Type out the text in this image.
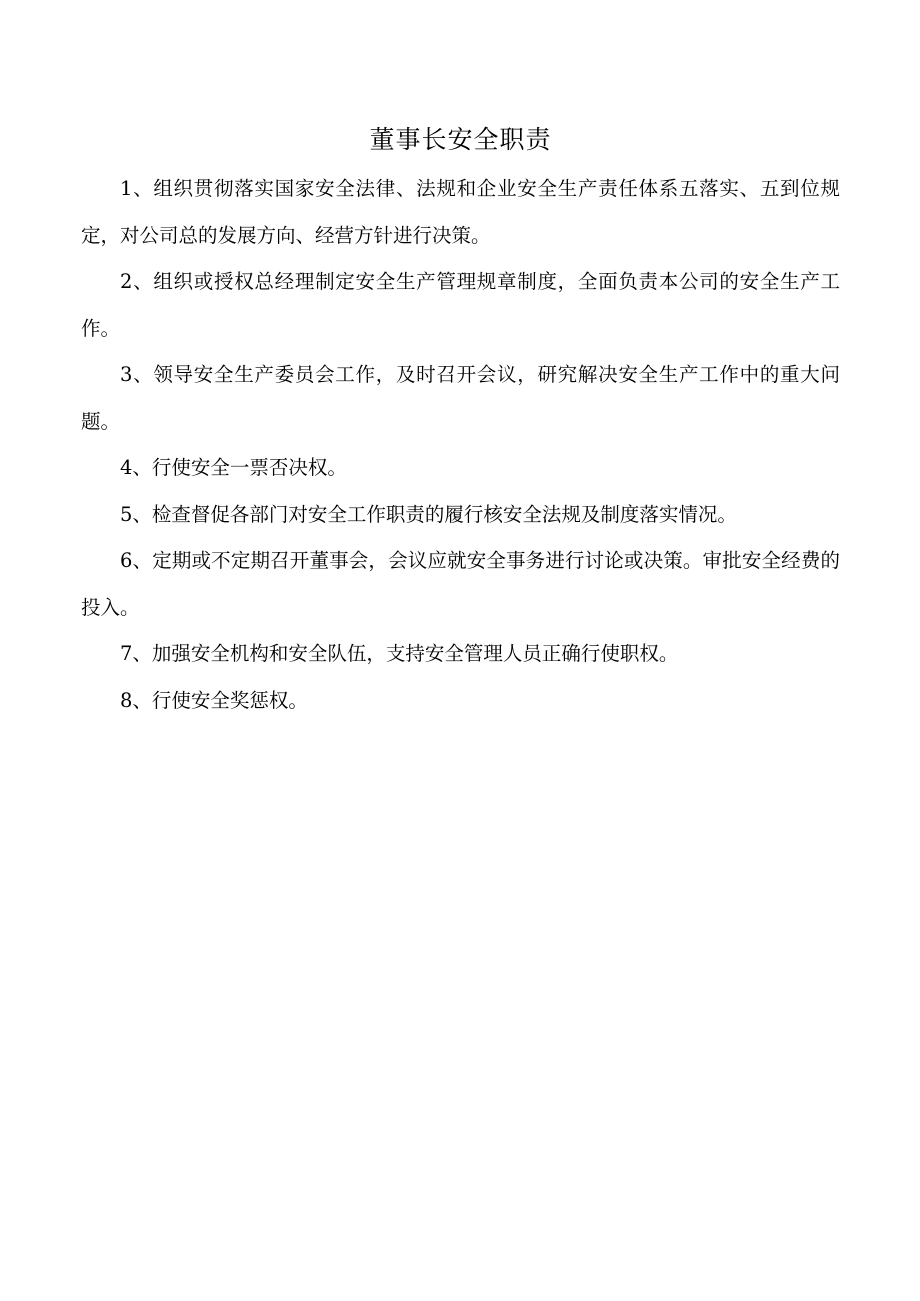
董事长安全职责

1、组织贯彻落实国家安全法律、法规和企业安全生产责任体系五落实、五到位规定，对公司总的发展方向、经营方针进行决策。

2、组织或授权总经理制定安全生产管理规章制度，全面负责本公司的安全生产工作。

3、领导安全生产委员会工作，及时召开会议，研究解决安全生产工作中的重大问题。

4、行使安全一票否决权。

5、检查督促各部门对安全工作职责的履行核安全法规及制度落实情况。

6、定期或不定期召开董事会，会议应就安全事务进行讨论或决策。审批安全经费的投入。

7、加强安全机构和安全队伍，支持安全管理人员正确行使职权。

8、行使安全奖惩权。
